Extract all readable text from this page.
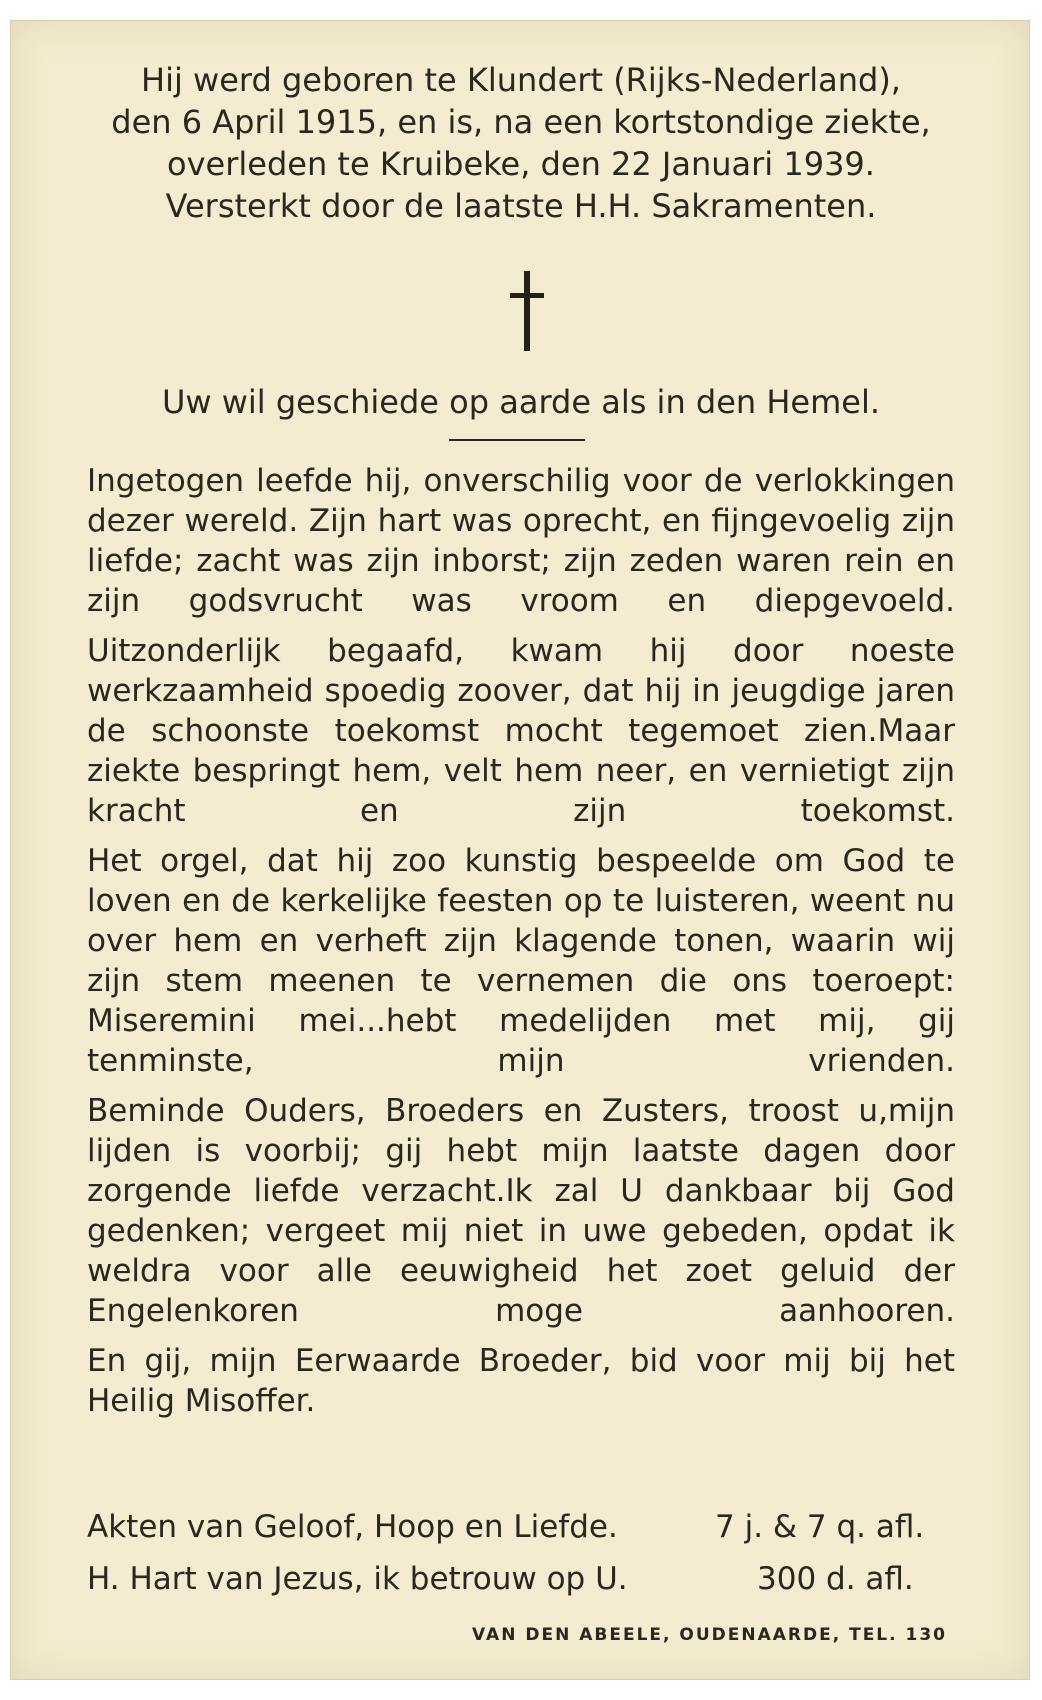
Hij werd geboren te Klundert (Rijks-Nederland),
den 6 April 1915, en is, na een kortstondige ziekte,
overleden te Kruibeke, den 22 Januari 1939.
Versterkt door de laatste H.H. Sakramenten.
Uw wil geschiede op aarde als in den Hemel.
Ingetogen leefde hij, onverschilig voor de verlokkingen dezer wereld. Zijn hart was oprecht, en fijngevoelig zijn liefde; zacht was zijn inborst; zijn zeden waren rein en zijn godsvrucht was vroom en diepgevoeld.
Uitzonderlijk begaafd, kwam hij door noeste werkzaamheid spoedig zoover, dat hij in jeugdige jaren de schoonste toekomst mocht tegemoet zien.Maar ziekte bespringt hem, velt hem neer, en vernietigt zijn kracht en zijn toekomst.
Het orgel, dat hij zoo kunstig bespeelde om God te loven en de kerkelijke feesten op te luisteren, weent nu over hem en verheft zijn klagende tonen, waarin wij zijn stem meenen te vernemen die ons toeroept: Miseremini mei...hebt medelijden met mij, gij tenminste, mijn vrienden.
Beminde Ouders, Broeders en Zusters, troost u,mijn lijden is voorbij; gij hebt mijn laatste dagen door zorgende liefde verzacht.Ik zal U dankbaar bij God gedenken; vergeet mij niet in uwe gebeden, opdat ik weldra voor alle eeuwigheid het zoet geluid der Engelenkoren moge aanhooren.
En gij, mijn Eerwaarde Broeder, bid voor mij bij het Heilig Misoffer.
Akten van Geloof, Hoop en Liefde.	7 j. & 7 q. afl.
H. Hart van Jezus, ik betrouw op U.	300 d. afl.
VAN DEN ABEELE, OUDENAARDE, TEL. 130
